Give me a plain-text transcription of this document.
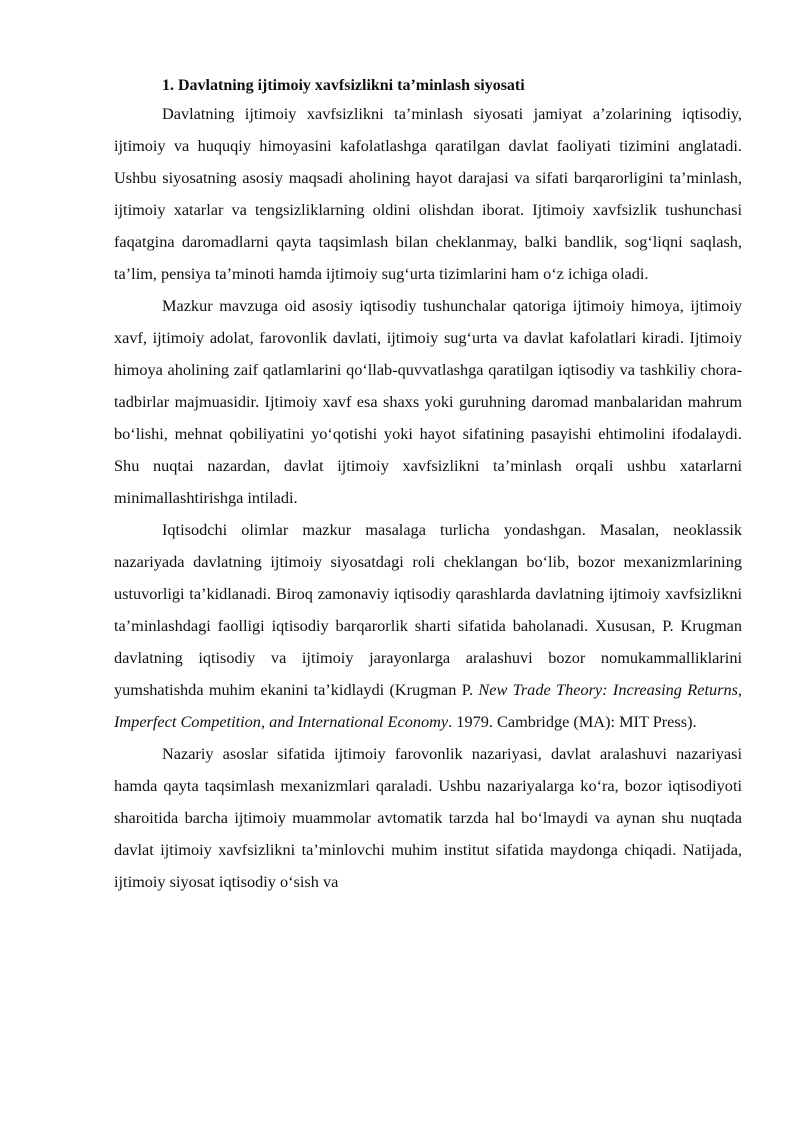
1. Davlatning ijtimoiy xavfsizlikni ta’minlash siyosati

Davlatning ijtimoiy xavfsizlikni ta’minlash siyosati jamiyat a’zolarining iqtisodiy, ijtimoiy va huquqiy himoyasini kafolatlashga qaratilgan davlat faoliyati tizimini anglatadi. Ushbu siyosatning asosiy maqsadi aholining hayot darajasi va sifati barqarorligini ta’minlash, ijtimoiy xatarlar va tengsizliklarning oldini olishdan iborat. Ijtimoiy xavfsizlik tushunchasi faqatgina daromadlarni qayta taqsimlash bilan cheklanmay, balki bandlik, sog‘liqni saqlash, ta’lim, pensiya ta’minoti hamda ijtimoiy sug‘urta tizimlarini ham o‘z ichiga oladi.

Mazkur mavzuga oid asosiy iqtisodiy tushunchalar qatoriga ijtimoiy himoya, ijtimoiy xavf, ijtimoiy adolat, farovonlik davlati, ijtimoiy sug‘urta va davlat kafolatlari kiradi. Ijtimoiy himoya aholining zaif qatlamlarini qo‘llab-quvvatlashga qaratilgan iqtisodiy va tashkiliy chora-tadbirlar majmuasidir. Ijtimoiy xavf esa shaxs yoki guruhning daromad manbalaridan mahrum bo‘lishi, mehnat qobiliyatini yo‘qotishi yoki hayot sifatining pasayishi ehtimolini ifodalaydi. Shu nuqtai nazardan, davlat ijtimoiy xavfsizlikni ta’minlash orqali ushbu xatarlarni minimallashtirishga intiladi.

Iqtisodchi olimlar mazkur masalaga turlicha yondashgan. Masalan, neoklassik nazariyada davlatning ijtimoiy siyosatdagi roli cheklangan bo‘lib, bozor mexanizmlarining ustuvorligi ta’kidlanadi. Biroq zamonaviy iqtisodiy qarashlarda davlatning ijtimoiy xavfsizlikni ta’minlashdagi faolligi iqtisodiy barqarorlik sharti sifatida baholanadi. Xususan, P. Krugman davlatning iqtisodiy va ijtimoiy jarayonlarga aralashuvi bozor nomukammalliklarini yumshatishda muhim ekanini ta’kidlaydi (Krugman P. New Trade Theory: Increasing Returns, Imperfect Competition, and International Economy. 1979. Cambridge (MA): MIT Press).

Nazariy asoslar sifatida ijtimoiy farovonlik nazariyasi, davlat aralashuvi nazariyasi hamda qayta taqsimlash mexanizmlari qaraladi. Ushbu nazariyalarga ko‘ra, bozor iqtisodiyoti sharoitida barcha ijtimoiy muammolar avtomatik tarzda hal bo‘lmaydi va aynan shu nuqtada davlat ijtimoiy xavfsizlikni ta’minlovchi muhim institut sifatida maydonga chiqadi. Natijada, ijtimoiy siyosat iqtisodiy o‘sish va
